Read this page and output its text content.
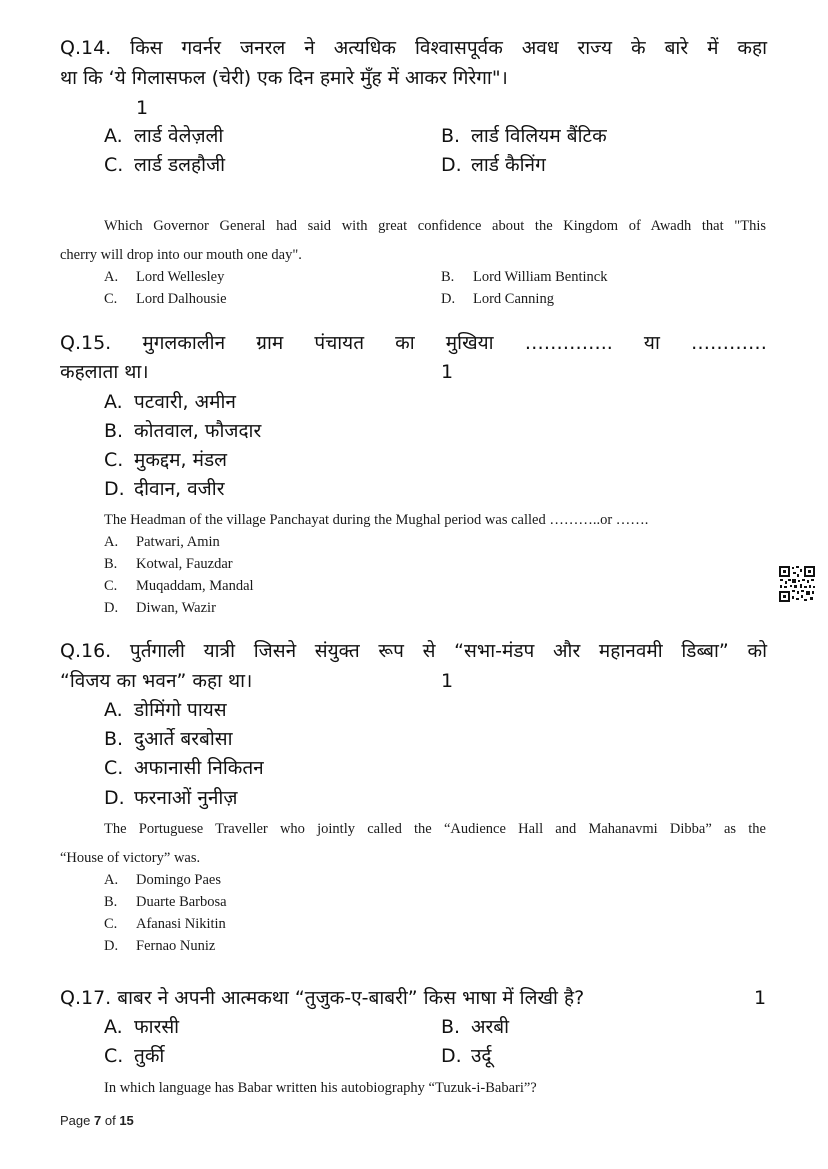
Q.14. किस गवर्नर जनरल ने अत्यधिक विश्वासपूर्वक अवध राज्य के बारे में कहा
था कि ‘ये गिलासफल (चेरी) एक दिन हमारे मुँह में आकर गिरेगा"।
1
A. लार्ड वेलेज़ली	B. लार्ड विलियम बैंटिक
C. लार्ड डलहौजी	D. लार्ड कैनिंग
Which Governor General had said with great confidence about the Kingdom of Awadh that "This
cherry will drop into our mouth one day".
A.	Lord Wellesley	B.	Lord William Bentinck
C.	Lord Dalhousie	D.	Lord Canning
Q.15. मुगलकालीन ग्राम पंचायत का मुखिया ………….. या …………
कहलाता था।	1
A. पटवारी, अमीन
B. कोतवाल, फौजदार
C. मुकद्दम, मंडल
D. दीवान, वजीर
The Headman of the village Panchayat during the Mughal period was called ………..or …….
A.	Patwari, Amin
B.	Kotwal, Fauzdar
C.	Muqaddam, Mandal
D.	Diwan, Wazir
Q.16. पुर्तगाली यात्री जिसने संयुक्त रूप से “सभा-मंडप और महानवमी डिब्बा” को
“विजय का भवन” कहा था।	1
A. डोमिंगो पायस
B. दुआर्ते बरबोसा
C. अफानासी निकितन
D. फरनाओं नुनीज़
The Portuguese Traveller who jointly called the “Audience Hall and Mahanavmi Dibba” as the
“House of victory” was.
A.	Domingo Paes
B.	Duarte Barbosa
C.	Afanasi Nikitin
D.	Fernao Nuniz
Q.17. बाबर ने अपनी आत्मकथा “तुजुक-ए-बाबरी” किस भाषा में लिखी है?	1
A. फारसी	B. अरबी
C. तुर्की	D. उर्दू
In which language has Babar written his autobiography “Tuzuk-i-Babari”?
Page 7 of 15
